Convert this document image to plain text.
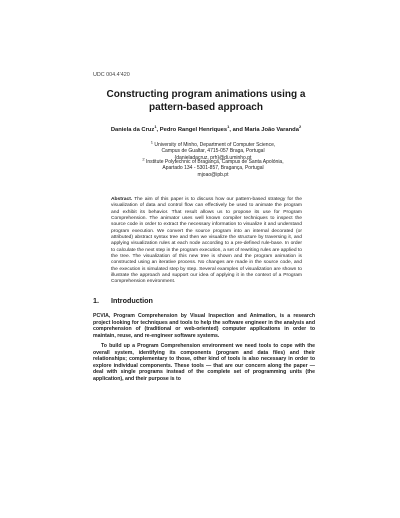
UDC 004.4'420
Constructing program animations using a pattern-based approach
Daniela da Cruz$^1$, Pedro Rangel Henriques$^1$, and Maria João Varanda$^2$

$^1$ University of Minho, Department of Computer Science,

Campus de Gualtar, 4715-057 Braga, Portugal

{danieladacruz, prh}@di.uminho.pt

$^2$ Institute Polytechnic of Bragança, Campus de Santa Apolónia,

Apartado 134 - 5301-857, Bragança, Portugal

mjoao@ipb.pt

Abstract. The aim of this paper is to discuss how our pattern-based strategy for the visualization of data and control flow can effectively be used to animate the program and exhibit its behavior. That result allows us to propose its use for Program Comprehension. The animator uses well known compiler techniques to inspect the source code in order to extract the necessary information to visualize it and understand program execution. We convert the source program into an internal decorated (or attributed) abstract syntax tree and then we visualize the structure by traversing it, and applying visualization rules at each node according to a pre-defined rule-base. In order to calculate the next step in the program execution, a set of rewriting rules are applied to the tree. The visualization of this new tree is shown and the program animation is constructed using an iterative process. No changes are made in the source code, and the execution is simulated step by step. Several examples of visualization are shown to illustrate the approach and support our idea of applying it in the context of a Program Comprehension environment.
1. Introduction

PCVIA, Program Comprehension by Visual Inspection and Animation, is a research project looking for techniques and tools to help the software engineer in the analysis and comprehension of (traditional or web-oriented) computer applications in order to maintain, reuse, and re-engineer software systems.

To build up a Program Comprehension environment we need tools to cope with the overall system, identifying its components (program and data files) and their relationships; complementary to those, other kind of tools is also necessary in order to explore individual components. These tools — that are our concern along the paper — deal with single programs instead of the complete set of programming units (the application), and their purpose is to
